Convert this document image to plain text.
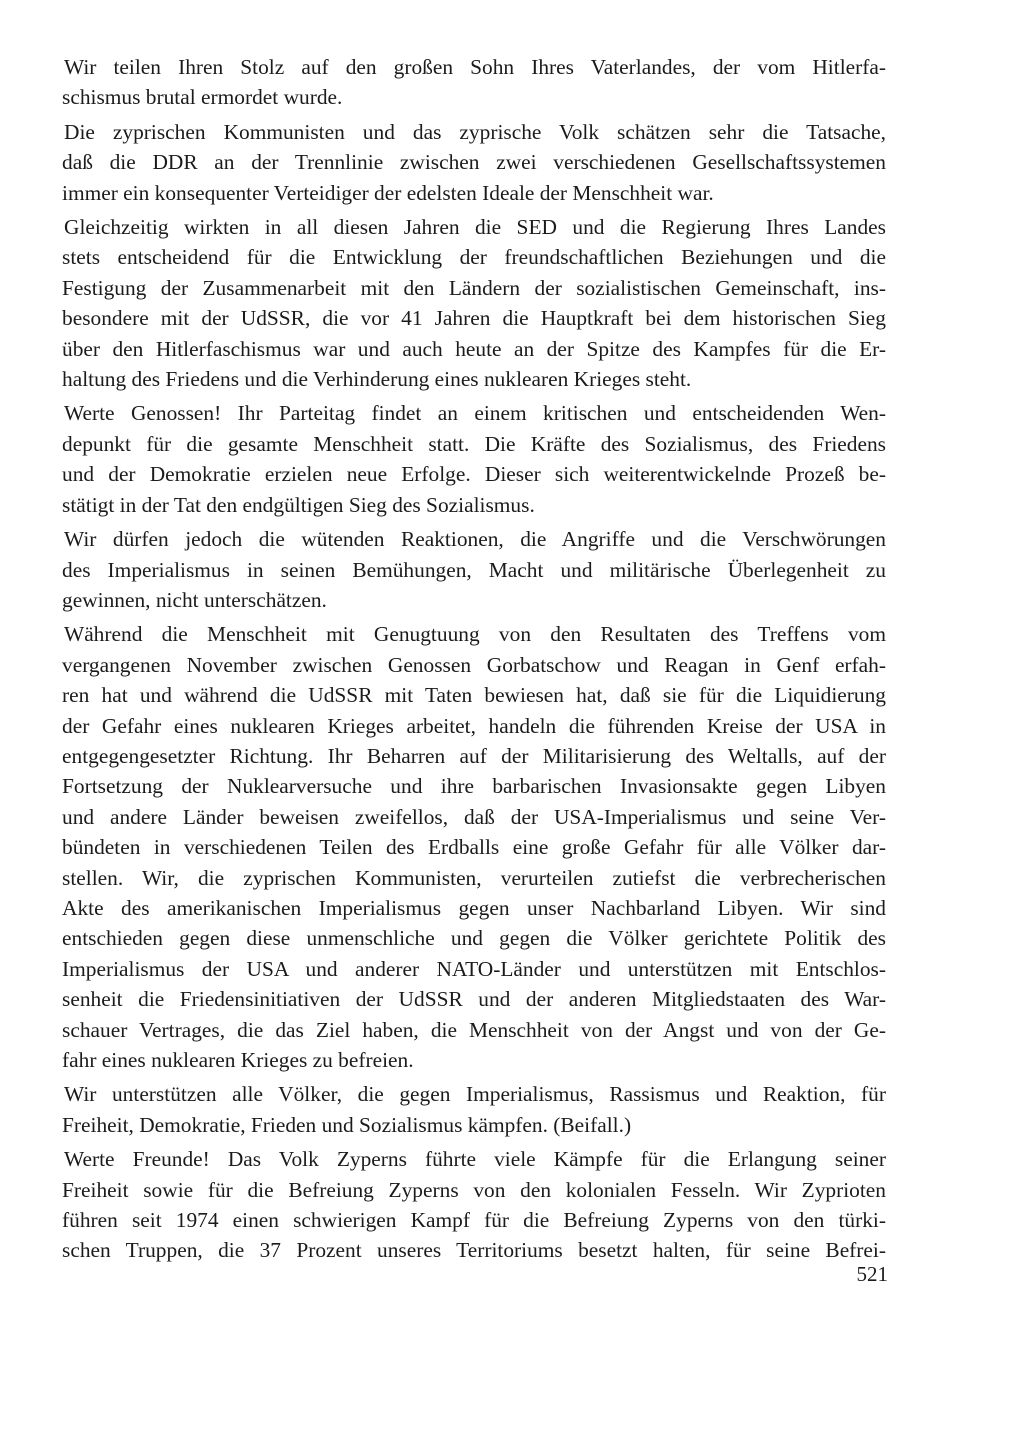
Wir teilen Ihren Stolz auf den großen Sohn Ihres Vaterlandes, der vom Hitlerfa-
schismus brutal ermordet wurde.
Die zyprischen Kommunisten und das zyprische Volk schätzen sehr die Tatsache,
daß die DDR an der Trennlinie zwischen zwei verschiedenen Gesellschaftssystemen
immer ein konsequenter Verteidiger der edelsten Ideale der Menschheit war.
Gleichzeitig wirkten in all diesen Jahren die SED und die Regierung Ihres Landes
stets entscheidend für die Entwicklung der freundschaftlichen Beziehungen und die
Festigung der Zusammenarbeit mit den Ländern der sozialistischen Gemeinschaft, ins-
besondere mit der UdSSR, die vor 41 Jahren die Hauptkraft bei dem historischen Sieg
über den Hitlerfaschismus war und auch heute an der Spitze des Kampfes für die Er-
haltung des Friedens und die Verhinderung eines nuklearen Krieges steht.
Werte Genossen! Ihr Parteitag findet an einem kritischen und entscheidenden Wen-
depunkt für die gesamte Menschheit statt. Die Kräfte des Sozialismus, des Friedens
und der Demokratie erzielen neue Erfolge. Dieser sich weiterentwickelnde Prozeß be-
stätigt in der Tat den endgültigen Sieg des Sozialismus.
Wir dürfen jedoch die wütenden Reaktionen, die Angriffe und die Verschwörungen
des Imperialismus in seinen Bemühungen, Macht und militärische Überlegenheit zu
gewinnen, nicht unterschätzen.
Während die Menschheit mit Genugtuung von den Resultaten des Treffens vom
vergangenen November zwischen Genossen Gorbatschow und Reagan in Genf erfah-
ren hat und während die UdSSR mit Taten bewiesen hat, daß sie für die Liquidierung
der Gefahr eines nuklearen Krieges arbeitet, handeln die führenden Kreise der USA in
entgegengesetzter Richtung. Ihr Beharren auf der Militarisierung des Weltalls, auf der
Fortsetzung der Nuklearversuche und ihre barbarischen Invasionsakte gegen Libyen
und andere Länder beweisen zweifellos, daß der USA-Imperialismus und seine Ver-
bündeten in verschiedenen Teilen des Erdballs eine große Gefahr für alle Völker dar-
stellen. Wir, die zyprischen Kommunisten, verurteilen zutiefst die verbrecherischen
Akte des amerikanischen Imperialismus gegen unser Nachbarland Libyen. Wir sind
entschieden gegen diese unmenschliche und gegen die Völker gerichtete Politik des
Imperialismus der USA und anderer NATO-Länder und unterstützen mit Entschlos-
senheit die Friedensinitiativen der UdSSR und der anderen Mitgliedstaaten des War-
schauer Vertrages, die das Ziel haben, die Menschheit von der Angst und von der Ge-
fahr eines nuklearen Krieges zu befreien.
Wir unterstützen alle Völker, die gegen Imperialismus, Rassismus und Reaktion, für
Freiheit, Demokratie, Frieden und Sozialismus kämpfen. (Beifall.)
Werte Freunde! Das Volk Zyperns führte viele Kämpfe für die Erlangung seiner
Freiheit sowie für die Befreiung Zyperns von den kolonialen Fesseln. Wir Zyprioten
führen seit 1974 einen schwierigen Kampf für die Befreiung Zyperns von den türki-
schen Truppen, die 37 Prozent unseres Territoriums besetzt halten, für seine Befrei-
521
